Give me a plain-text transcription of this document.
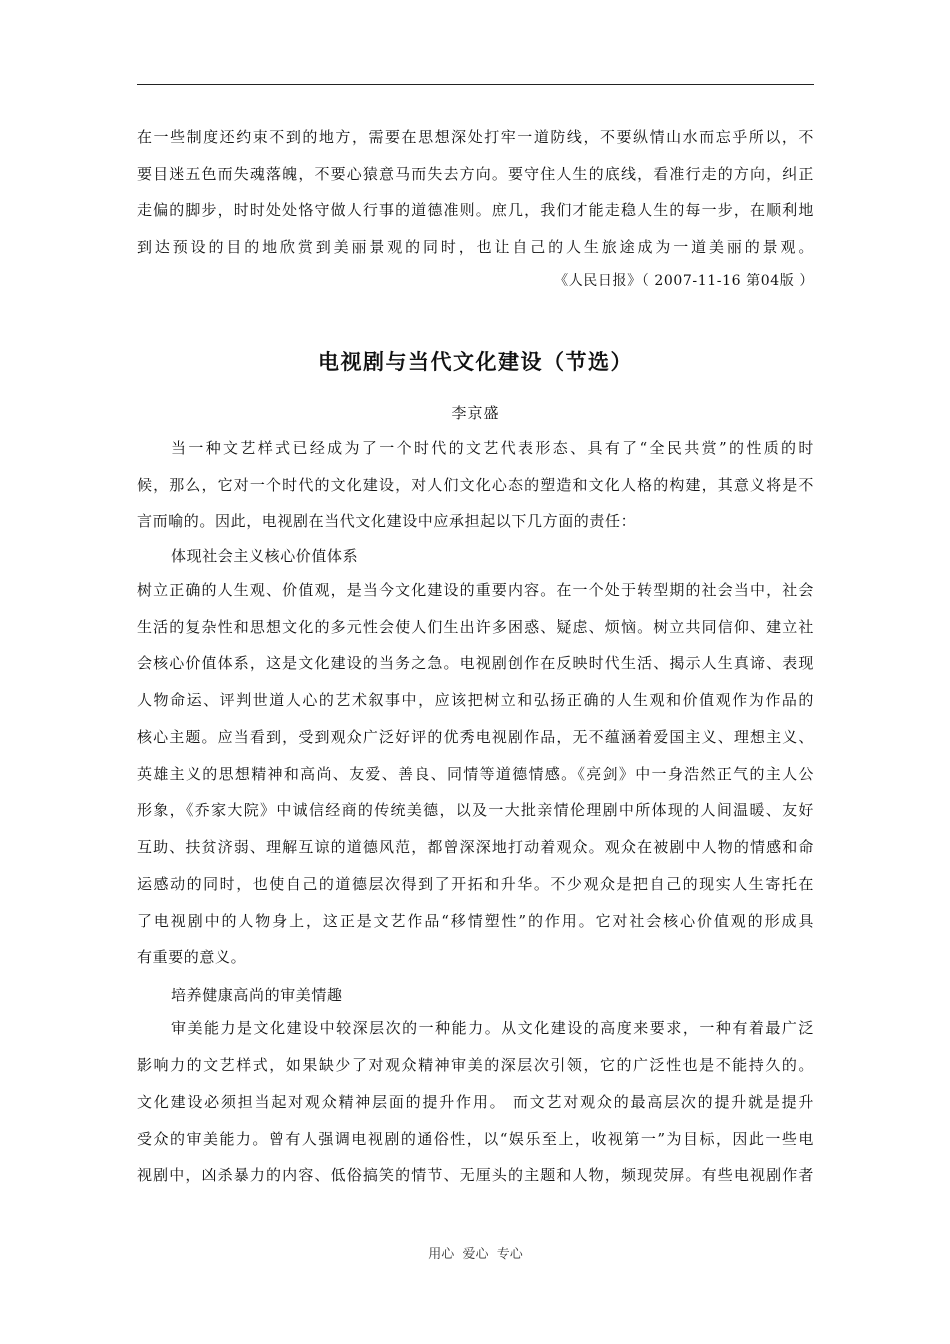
在一些制度还约束不到的地方，需要在思想深处打牢一道防线，不要纵情山水而忘乎所以，不
要目迷五色而失魂落魄，不要心猿意马而失去方向。要守住人生的底线，看准行走的方向，纠正
走偏的脚步，时时处处恪守做人行事的道德准则。庶几，我们才能走稳人生的每一步，在顺利地
到达预设的目的地欣赏到美丽景观的同时，也让自己的人生旅途成为一道美丽的景观。
《人民日报》（ 2007-11-16 第04版 ）
电视剧与当代文化建设（节选）
李京盛
当一种文艺样式已经成为了一个时代的文艺代表形态、具有了“全民共赏”的性质的时
候，那么，它对一个时代的文化建设，对人们文化心态的塑造和文化人格的构建，其意义将是不
言而喻的。因此，电视剧在当代文化建设中应承担起以下几方面的责任：
体现社会主义核心价值体系
树立正确的人生观、价值观，是当今文化建设的重要内容。在一个处于转型期的社会当中，社会
生活的复杂性和思想文化的多元性会使人们生出许多困惑、疑虑、烦恼。树立共同信仰、建立社
会核心价值体系，这是文化建设的当务之急。电视剧创作在反映时代生活、揭示人生真谛、表现
人物命运、评判世道人心的艺术叙事中，应该把树立和弘扬正确的人生观和价值观作为作品的
核心主题。应当看到，受到观众广泛好评的优秀电视剧作品，无不蕴涵着爱国主义、理想主义、
英雄主义的思想精神和高尚、友爱、善良、同情等道德情感。《亮剑》中一身浩然正气的主人公
形象，《乔家大院》中诚信经商的传统美德，以及一大批亲情伦理剧中所体现的人间温暖、友好
互助、扶贫济弱、理解互谅的道德风范，都曾深深地打动着观众。观众在被剧中人物的情感和命
运感动的同时，也使自己的道德层次得到了开拓和升华。不少观众是把自己的现实人生寄托在
了电视剧中的人物身上，这正是文艺作品“移情塑性”的作用。它对社会核心价值观的形成具
有重要的意义。
培养健康高尚的审美情趣
审美能力是文化建设中较深层次的一种能力。从文化建设的高度来要求，一种有着最广泛
影响力的文艺样式，如果缺少了对观众精神审美的深层次引领，它的广泛性也是不能持久的。
文化建设必须担当起对观众精神层面的提升作用。 而文艺对观众的最高层次的提升就是提升
受众的审美能力。曾有人强调电视剧的通俗性，以“娱乐至上，收视第一”为目标，因此一些电
视剧中，凶杀暴力的内容、低俗搞笑的情节、无厘头的主题和人物，频现荧屏。有些电视剧作者
用心  爱心  专心
